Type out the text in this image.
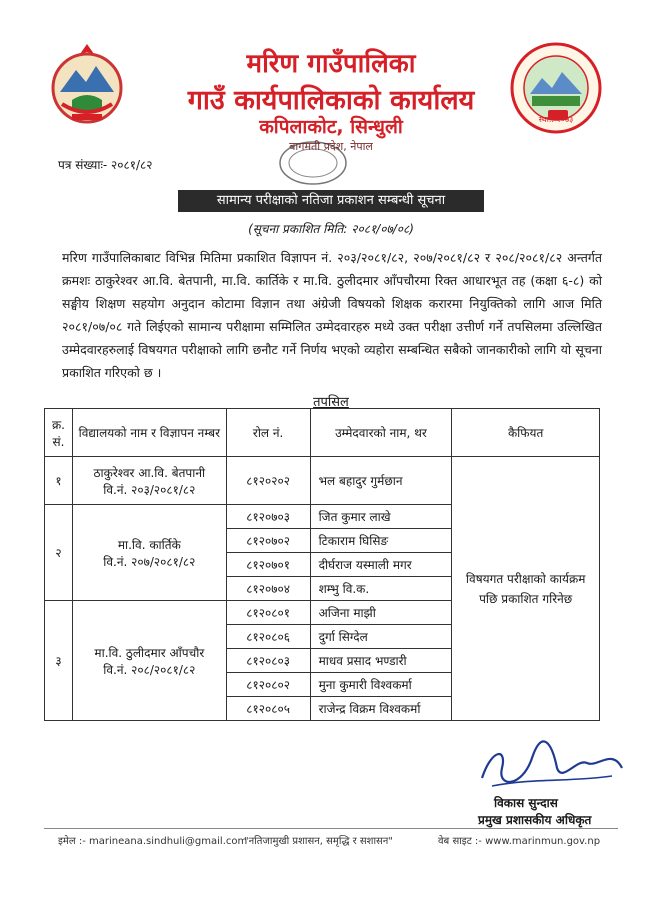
स्था.: २०७३
मरिण गाउँपालिका
गाउँ कार्यपालिकाको कार्यालय
कपिलाकोट, सिन्धुली
बागमती प्रदेश, नेपाल
पत्र संख्याः- २०८१/८२
सामान्य परीक्षाको नतिजा प्रकाशन सम्बन्धी सूचना
(सूचना प्रकाशित मिति: २०८१/०७/०८)
मरिण गाउँपालिकाबाट विभिन्न मितिमा प्रकाशित विज्ञापन नं. २०३/२०८१/८२, २०७/२०८१/८२ र २०८/२०८१/८२ अन्तर्गत क्रमशः ठाकुरेश्वर आ.वि. बेतपानी, मा.वि. कार्तिके र मा.वि. ठुलीदमार आँपचौरमा रिक्त आधारभूत तह (कक्षा ६-८) को सङ्घीय शिक्षण सहयोग अनुदान कोटामा विज्ञान तथा अंग्रेजी विषयको शिक्षक करारमा नियुक्तिको लागि आज मिति २०८१/०७/०८ गते लिईएको सामान्य परीक्षामा सम्मिलित उम्मेदवारहरु मध्ये उक्त परीक्षा उत्तीर्ण गर्ने तपसिलमा उल्लिखित उम्मेदवारहरुलाई विषयगत परीक्षाको लागि छनौट गर्ने निर्णय भएको व्यहोरा सम्बन्धित सबैको जानकारीको लागि यो सूचना प्रकाशित गरिएको छ ।
तपसिल
क्र. सं.	विद्यालयको नाम र विज्ञापन नम्बर	रोल नं.	उम्मेदवारको नाम, थर	कैफियत
१	ठाकुरेश्वर आ.वि. बेतपानी
वि.नं. २०३/२०८१/८२	८१२०२०२	भल बहादुर गुर्मछान	विषयगत परीक्षाको कार्यक्रम पछि प्रकाशित गरिनेछ
२	मा.वि. कार्तिके
वि.नं. २०७/२०८१/८२	८१२०७०३	जित कुमार लाखे	
		८१२०७०२	टिकाराम घिसिङ	
		८१२०७०१	दीर्घराज यस्माली मगर	
		८१२०७०४	शम्भु वि.क.	
३	मा.वि. ठुलीदमार आँपचौर
वि.नं. २०८/२०८१/८२	८१२०८०१	अजिना माझी	
		८१२०८०६	दुर्गा सिग्देल	
		८१२०८०३	माधव प्रसाद भण्डारी	
		८१२०८०२	मुना कुमारी विश्वकर्मा	
		८१२०८०५	राजेन्द्र विक्रम विश्वकर्मा	
विकास सुन्दास
प्रमुख प्रशासकीय अधिकृत
इमेल :- marineana.sindhuli@gmail.com
"नतिजामुखी प्रशासन, समृद्धि र सशासन"	वेब साइट :- www.marinmun.gov.np
